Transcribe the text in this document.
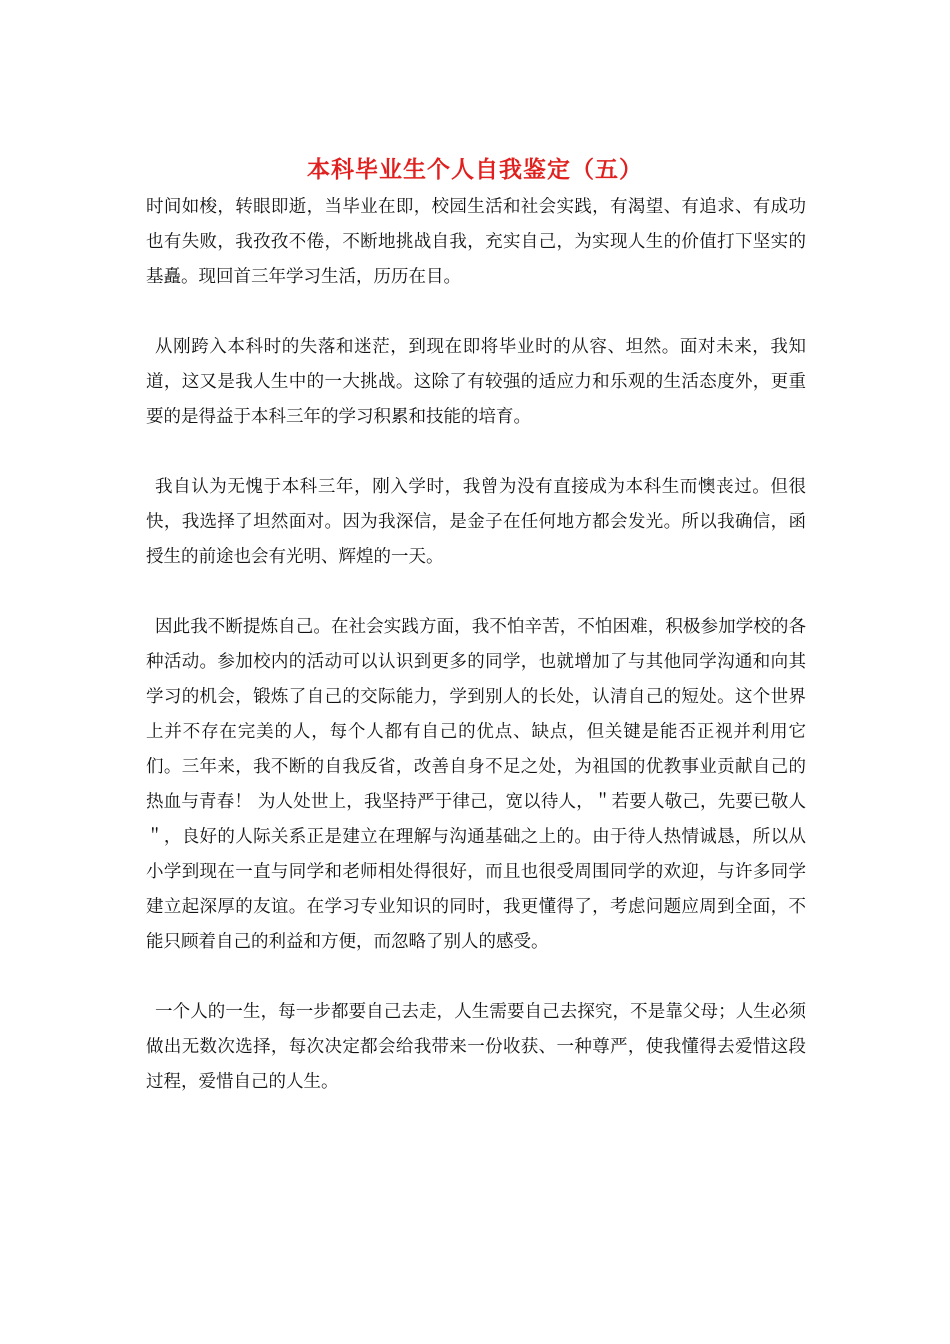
本科毕业生个人自我鉴定（五）

时间如梭，转眼即逝，当毕业在即，校园生活和社会实践，有渴望、有追求、有成功也有失败，我孜孜不倦，不断地挑战自我，充实自己，为实现人生的价值打下坚实的基矗。现回首三年学习生活，历历在目。

从刚跨入本科时的失落和迷茫，到现在即将毕业时的从容、坦然。面对未来，我知道，这又是我人生中的一大挑战。这除了有较强的适应力和乐观的生活态度外，更重要的是得益于本科三年的学习积累和技能的培育。

我自认为无愧于本科三年，刚入学时，我曾为没有直接成为本科生而懊丧过。但很快，我选择了坦然面对。因为我深信，是金子在任何地方都会发光。所以我确信，函授生的前途也会有光明、辉煌的一天。

因此我不断提炼自己。在社会实践方面，我不怕辛苦，不怕困难，积极参加学校的各种活动。参加校内的活动可以认识到更多的同学，也就增加了与其他同学沟通和向其学习的机会，锻炼了自己的交际能力，学到别人的长处，认清自己的短处。这个世界上并不存在完美的人，每个人都有自己的优点、缺点，但关键是能否正视并利用它们。三年来，我不断的自我反省，改善自身不足之处，为祖国的优教事业贡献自己的热血与青春！ 为人处世上，我坚持严于律己，宽以待人，＂若要人敬己，先要已敬人＂，良好的人际关系正是建立在理解与沟通基础之上的。由于待人热情诚恳，所以从小学到现在一直与同学和老师相处得很好，而且也很受周围同学的欢迎，与许多同学建立起深厚的友谊。在学习专业知识的同时，我更懂得了，考虑问题应周到全面，不能只顾着自己的利益和方便，而忽略了别人的感受。

一个人的一生，每一步都要自己去走，人生需要自己去探究，不是靠父母；人生必须做出无数次选择，每次决定都会给我带来一份收获、一种尊严，使我懂得去爱惜这段过程，爱惜自己的人生。
